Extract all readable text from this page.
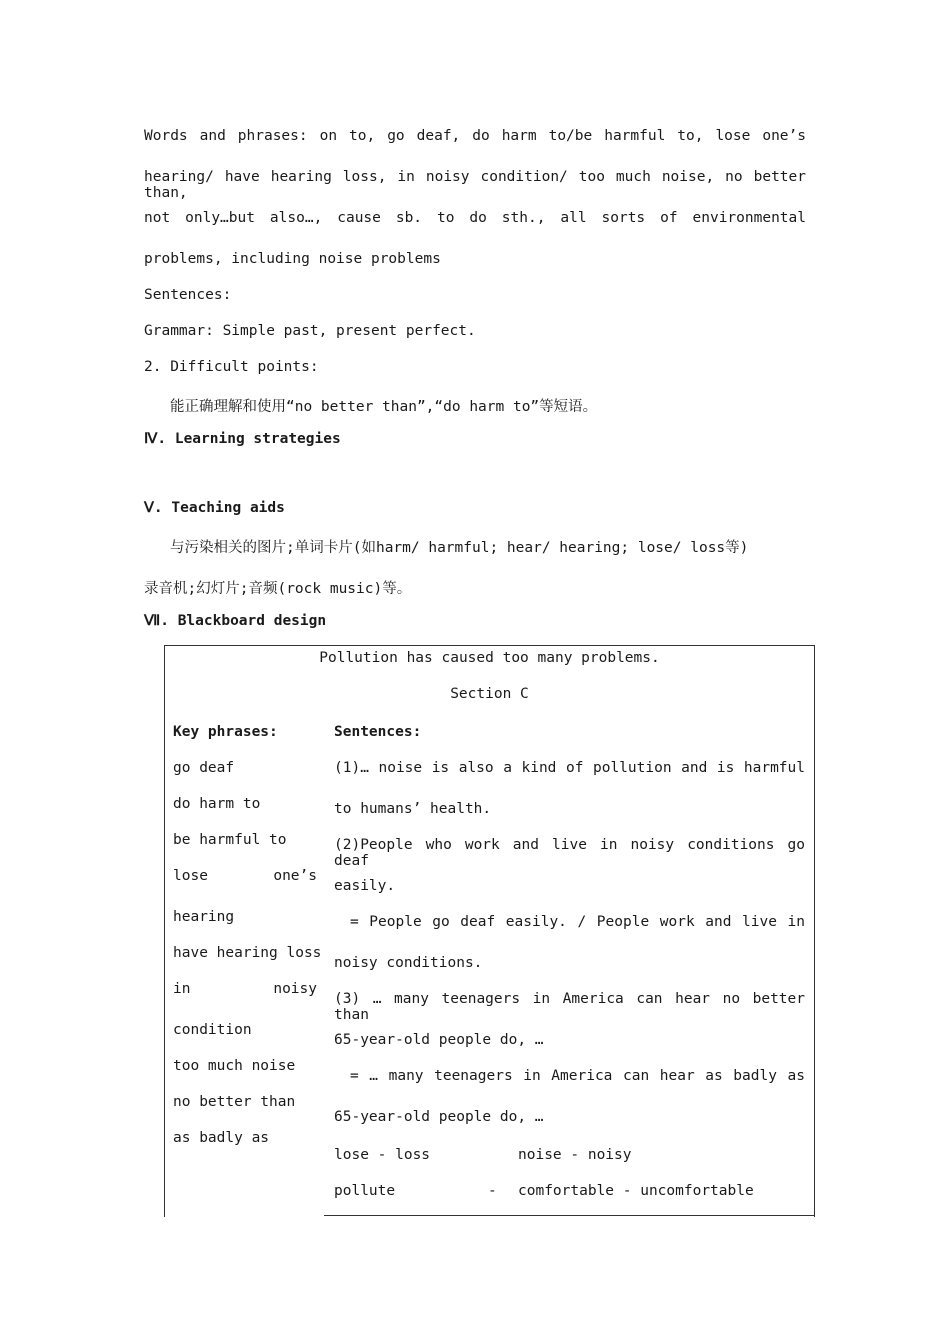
Words and phrases: on to, go deaf, do harm to/be harmful to, lose one’s
hearing/ have hearing loss, in noisy condition/ too much noise, no better than,
not only…but also…, cause sb. to do sth., all sorts of environmental
problems, including noise problems
Sentences:
Grammar: Simple past, present perfect.
2. Difficult points:
能正确理解和使用“no better than”,“do harm to”等短语。
Ⅳ. Learning strategies
Ⅴ. Teaching aids
与污染相关的图片;单词卡片(如harm/ harmful; hear/ hearing; lose/ loss等)
录音机;幻灯片;音频(rock music)等。
Ⅶ. Blackboard design
Pollution has caused too many problems.
Section C
Key phrases:
go deaf
do harm to
be harmful to
lose one’s
hearing
have hearing loss
in noisy
condition
too much noise
no better than
as badly as
Sentences:
(1)… noise is also a kind of pollution and is harmful
to humans’ health.
(2)People who work and live in noisy conditions go deaf
easily.
= People go deaf easily. / People work and live in
noisy conditions.
(3) … many teenagers in America can hear no better than
65-year-old people do, …
= … many teenagers in America can hear as badly as
65-year-old people do, …
lose - loss	noise - noisy
pollute	- comfortable - uncomfortable
